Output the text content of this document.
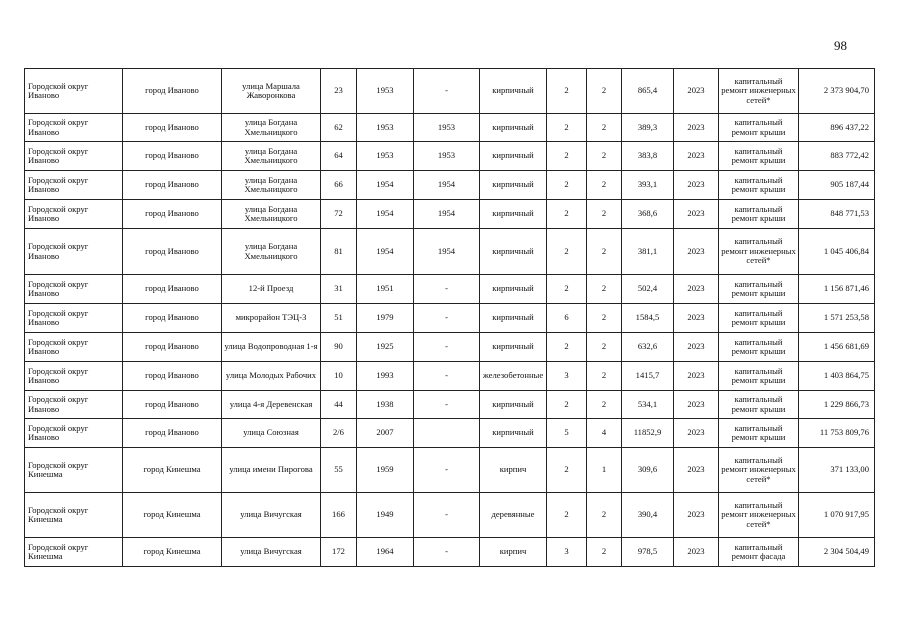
98
Городской округ Иваново	город Иваново	улица Маршала Жаворонкова	23	1953	-	кирпичный	2	2	865,4	2023	капитальный ремонт инженерных сетей*	2 373 904,70
Городской округ Иваново	город Иваново	улица Богдана Хмельницкого	62	1953	1953	кирпичный	2	2	389,3	2023	капитальный ремонт крыши	896 437,22
Городской округ Иваново	город Иваново	улица Богдана Хмельницкого	64	1953	1953	кирпичный	2	2	383,8	2023	капитальный ремонт крыши	883 772,42
Городской округ Иваново	город Иваново	улица Богдана Хмельницкого	66	1954	1954	кирпичный	2	2	393,1	2023	капитальный ремонт крыши	905 187,44
Городской округ Иваново	город Иваново	улица Богдана Хмельницкого	72	1954	1954	кирпичный	2	2	368,6	2023	капитальный ремонт крыши	848 771,53
Городской округ Иваново	город Иваново	улица Богдана Хмельницкого	81	1954	1954	кирпичный	2	2	381,1	2023	капитальный ремонт инженерных сетей*	1 045 406,84
Городской округ Иваново	город Иваново	12-й Проезд	31	1951	-	кирпичный	2	2	502,4	2023	капитальный ремонт крыши	1 156 871,46
Городской округ Иваново	город Иваново	микрорайон ТЭЦ-3	51	1979	-	кирпичный	6	2	1584,5	2023	капитальный ремонт крыши	1 571 253,58
Городской округ Иваново	город Иваново	улица Водопроводная 1-я	90	1925	-	кирпичный	2	2	632,6	2023	капитальный ремонт крыши	1 456 681,69
Городской округ Иваново	город Иваново	улица Молодых Рабочих	10	1993	-	железобетонные	3	2	1415,7	2023	капитальный ремонт крыши	1 403 864,75
Городской округ Иваново	город Иваново	улица 4-я Деревенская	44	1938	-	кирпичный	2	2	534,1	2023	капитальный ремонт крыши	1 229 866,73
Городской округ Иваново	город Иваново	улица Союзная	2/6	2007		кирпичный	5	4	11852,9	2023	капитальный ремонт крыши	11 753 809,76
Городской округ Кинешма	город Кинешма	улица имени Пирогова	55	1959	-	кирпич	2	1	309,6	2023	капитальный ремонт инженерных сетей*	371 133,00
Городской округ Кинешма	город Кинешма	улица Вичугская	166	1949	-	деревянные	2	2	390,4	2023	капитальный ремонт инженерных сетей*	1 070 917,95
Городской округ Кинешма	город Кинешма	улица Вичугская	172	1964	-	кирпич	3	2	978,5	2023	капитальный ремонт фасада	2 304 504,49
